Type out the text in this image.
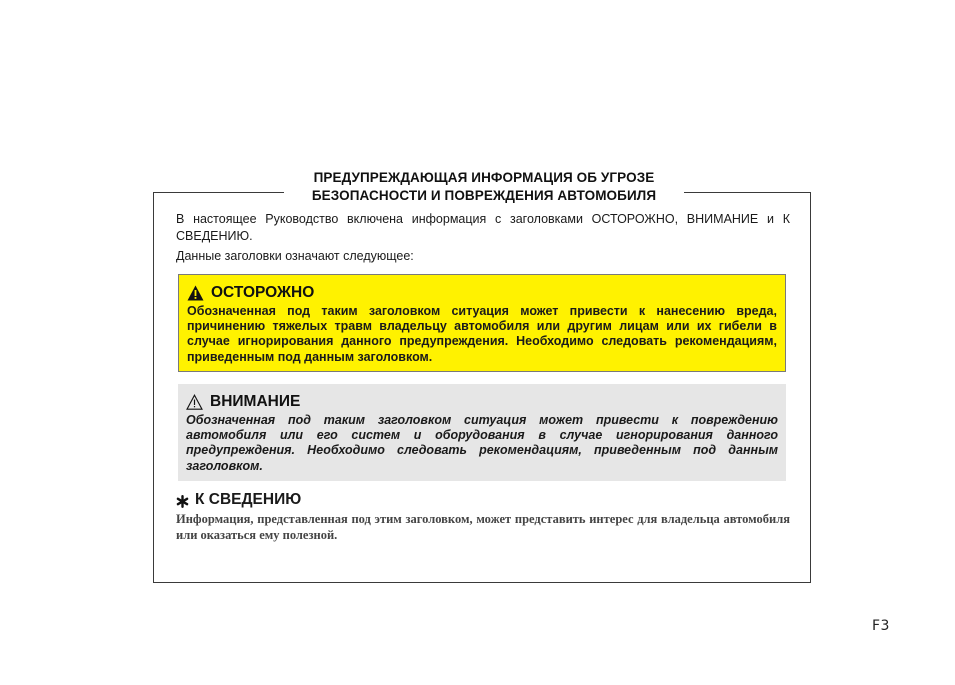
ПРЕДУПРЕЖДАЮЩАЯ ИНФОРМАЦИЯ ОБ УГРОЗЕ
БЕЗОПАСНОСТИ И ПОВРЕЖДЕНИЯ АВТОМОБИЛЯ
В настоящее Руководство включена информация с заголовками ОСТОРОЖНО, ВНИМАНИЕ и К СВЕДЕНИЮ.
Данные заголовки означают следующее:
ОСТОРОЖНО
Обозначенная под таким заголовком ситуация может привести к нанесению вреда, причинению тяжелых травм владельцу автомобиля или другим лицам или их гибели в случае игнорирования данного предупреждения. Необходимо следовать рекомендациям, приведенным под данным заголовком.
ВНИМАНИЕ
Обозначенная под таким заголовком ситуация может привести к повреждению автомобиля или его систем и оборудования в случае игнорирования данного предупреждения. Необходимо следовать рекомендациям, приведенным под данным заголовком.
К СВЕДЕНИЮ
Информация, представленная под этим заголовком, может представить интерес для владельца автомобиля или оказаться ему полезной.
F3
